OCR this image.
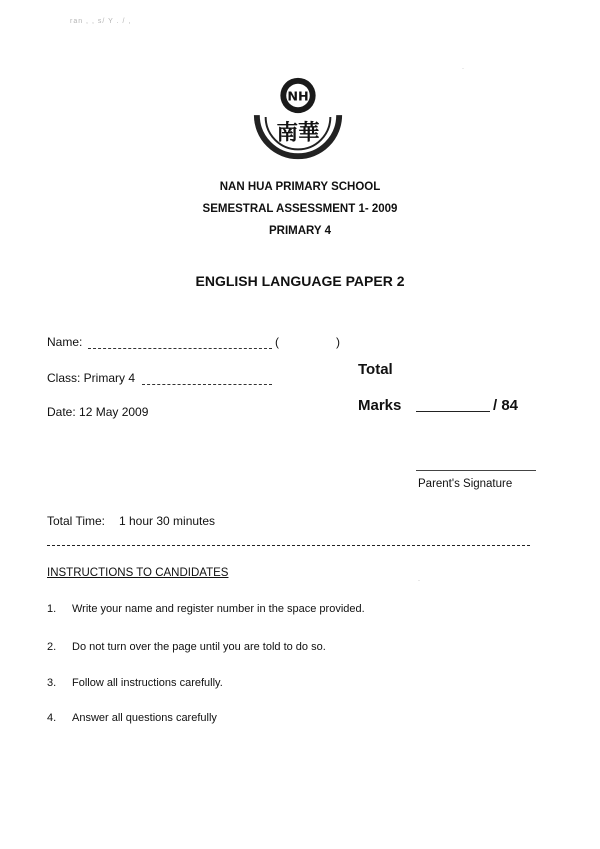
ran , , s/ Y . / ,
·
NH
南華
NAN HUA PRIMARY SCHOOL
SEMESTRAL ASSESSMENT 1- 2009
PRIMARY 4
ENGLISH LANGUAGE PAPER 2
Name:	(	)
Class: Primary 4
Date: 12 May 2009
Total
Marks	/ 84
Parent's Signature
Total Time: 1 hour 30 minutes
·
INSTRUCTIONS TO CANDIDATES
1. Write your name and register number in the space provided.
2. Do not turn over the page until you are told to do so.
3. Follow all instructions carefully.
4. Answer all questions carefully
